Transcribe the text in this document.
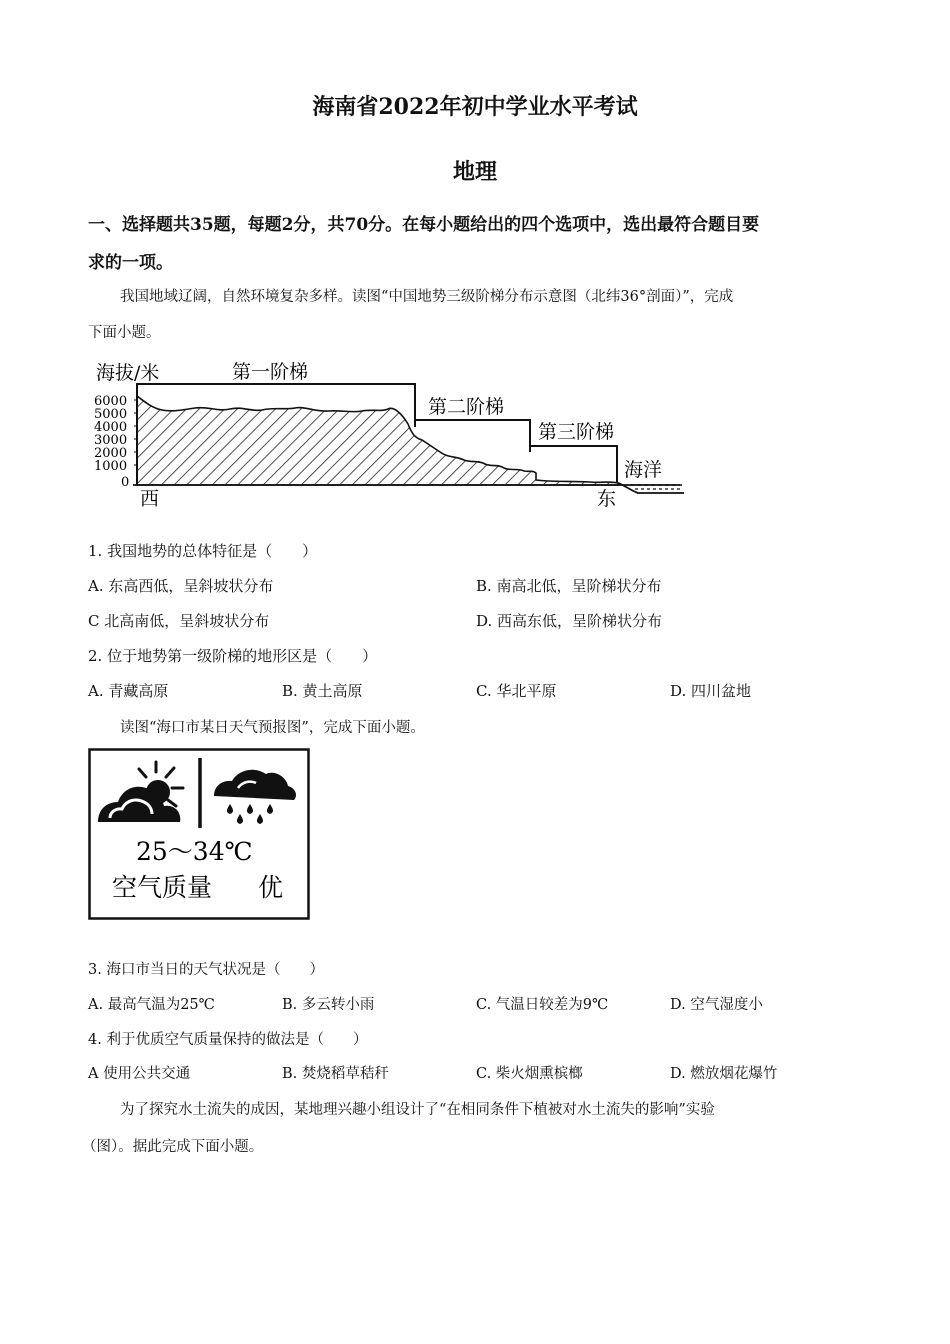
海南省2022年初中学业水平考试
地理
一、选择题共35题，每题2分，共70分。在每小题给出的四个选项中，选出最符合题目要
求的一项。
我国地域辽阔，自然环境复杂多样。读图“中国地势三级阶梯分布示意图（北纬36°剖面）”，完成
下面小题。
海拔/米
6000
5000
4000
3000
2000
1000
0
第一阶梯
第二阶梯
第三阶梯
海洋
西	东
1. 我国地势的总体特征是（　　）
A. 东高西低，呈斜坡状分布	B. 南高北低，呈阶梯状分布
C 北高南低，呈斜坡状分布	D. 西高东低，呈阶梯状分布
2. 位于地势第一级阶梯的地形区是（　　）
A. 青藏高原	B. 黄土高原	C. 华北平原	D. 四川盆地
读图“海口市某日天气预报图”，完成下面小题。
25～34℃
空气质量 优
3. 海口市当日的天气状况是（　　）
A. 最高气温为25℃	B. 多云转小雨	C. 气温日较差为9℃	D. 空气湿度小
4. 利于优质空气质量保持的做法是（　　）
A 使用公共交通	B. 焚烧稻草秸秆	C. 柴火烟熏槟榔	D. 燃放烟花爆竹
为了探究水土流失的成因，某地理兴趣小组设计了“在相同条件下植被对水土流失的影响”实验
（图）。据此完成下面小题。
